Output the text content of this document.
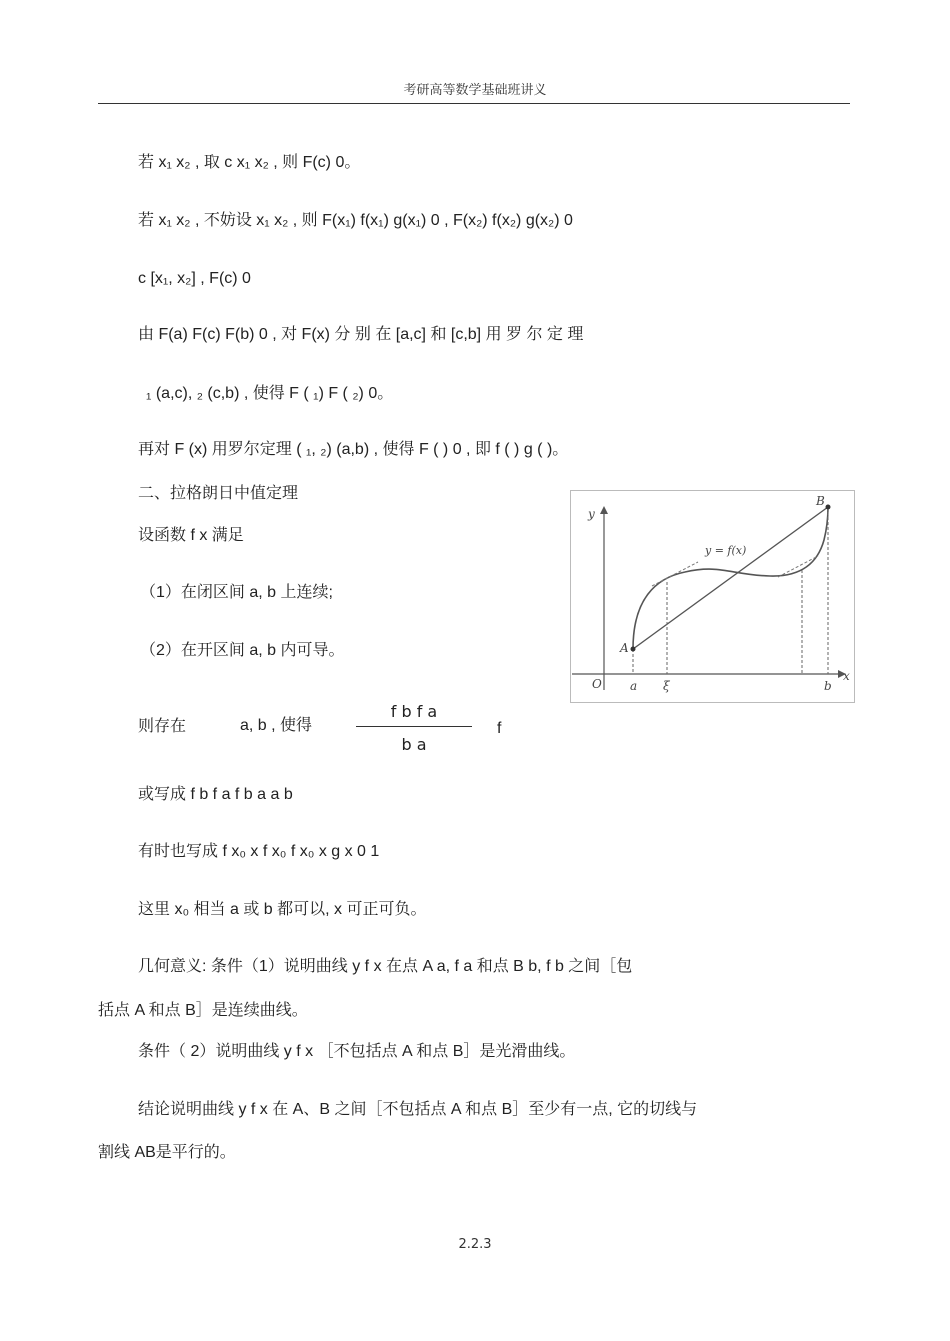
考研高等数学基础班讲义
若 x₁ x₂ , 取 c x₁ x₂ , 则 F(c) 0。
若 x₁ x₂ , 不妨设 x₁ x₂ , 则 F(x₁) f(x₁) g(x₁) 0 , F(x₂) f(x₂) g(x₂) 0
c [x₁, x₂] , F(c) 0
由 F(a) F(c) F(b) 0 , 对 F(x) 分 别 在 [a,c] 和 [c,b] 用 罗 尔 定 理
₁ (a,c), ₂ (c,b) , 使得 F ( ₁) F ( ₂) 0。
再对 F (x) 用罗尔定理 ( ₁, ₂) (a,b) , 使得 F ( ) 0 , 即 f ( ) g ( )。
二、拉格朗日中值定理
设函数 f x 满足
（1）在闭区间 a, b 上连续;
（2）在开区间 a, b 内可导。
则存在	a, b , 使得
f b f a
b a
f
或写成 f b f a f b a a b
有时也写成 f x₀ x f x₀ f x₀ x g x 0 1
这里 x₀ 相当 a 或 b 都可以, x 可正可负。
几何意义: 条件（1）说明曲线 y f x 在点 A a, f a 和点 B b, f b 之间［包
括点 A 和点 B］是连续曲线。
条件（ 2）说明曲线 y f x ［不包括点 A 和点 B］是光滑曲线。
结论说明曲线 y f x 在 A、B 之间［不包括点 A 和点 B］至少有一点, 它的切线与
割线 AB是平行的。
y
x
O
A
B
y = f(x)
a ξ	b
2.2.3
